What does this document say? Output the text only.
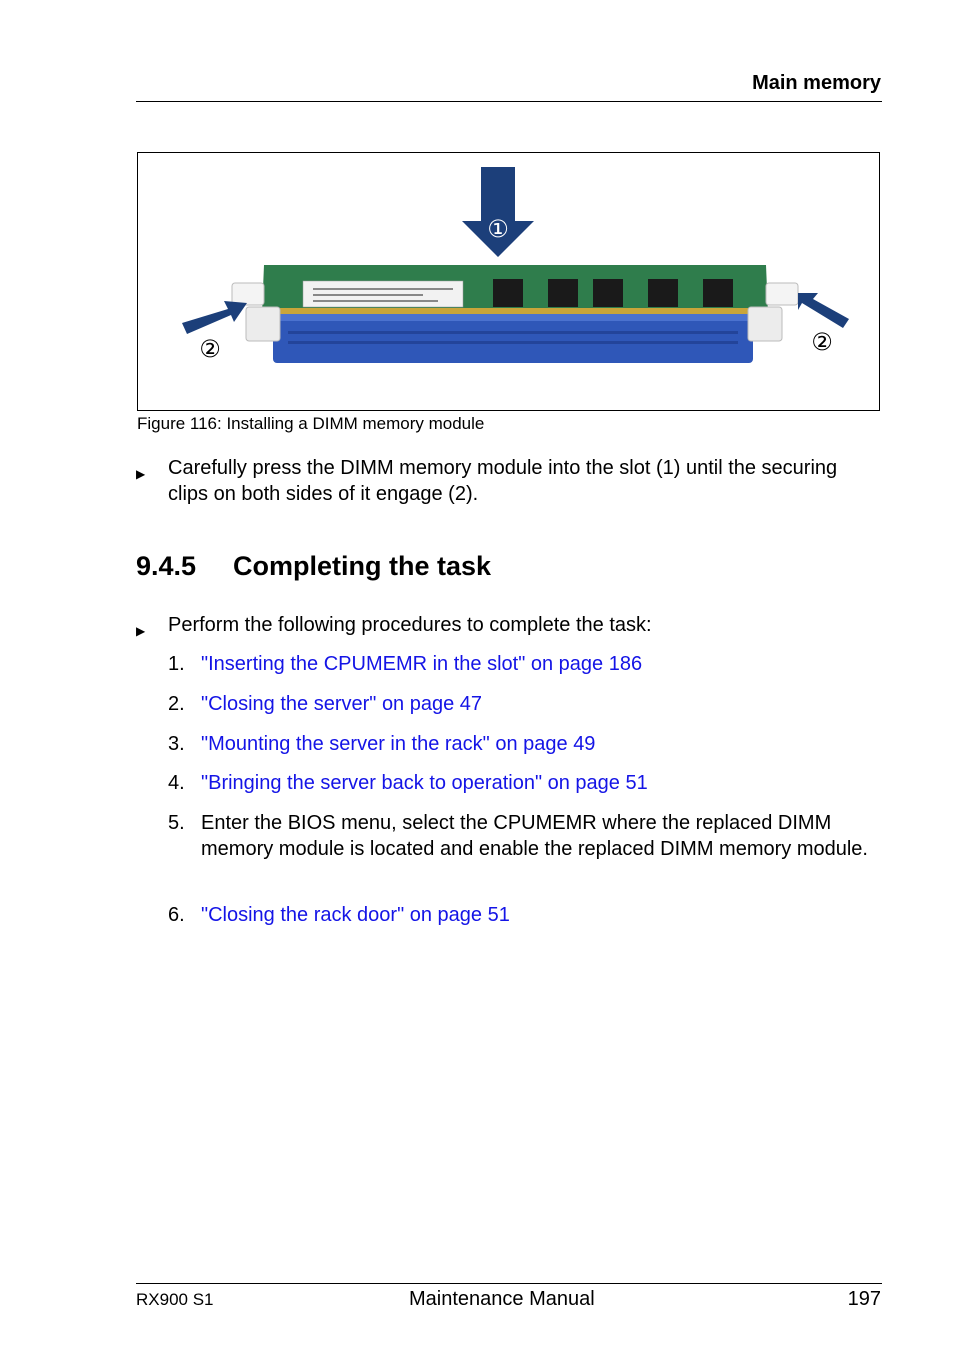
Main memory
①
②	②
Figure 116: Installing a DIMM memory module
▶ Carefully press the DIMM memory module into the slot (1) until the securing clips on both sides of it engage (2).
9.4.5 Completing the task
▶ Perform the following procedures to complete the task:
1. "Inserting the CPUMEMR in the slot" on page 186
2. "Closing the server" on page 47
3. "Mounting the server in the rack" on page 49
4. "Bringing the server back to operation" on page 51
5. Enter the BIOS menu, select the CPUMEMR where the replaced DIMM memory module is located and enable the replaced DIMM memory module.
6. "Closing the rack door" on page 51
RX900 S1	Maintenance Manual	197
